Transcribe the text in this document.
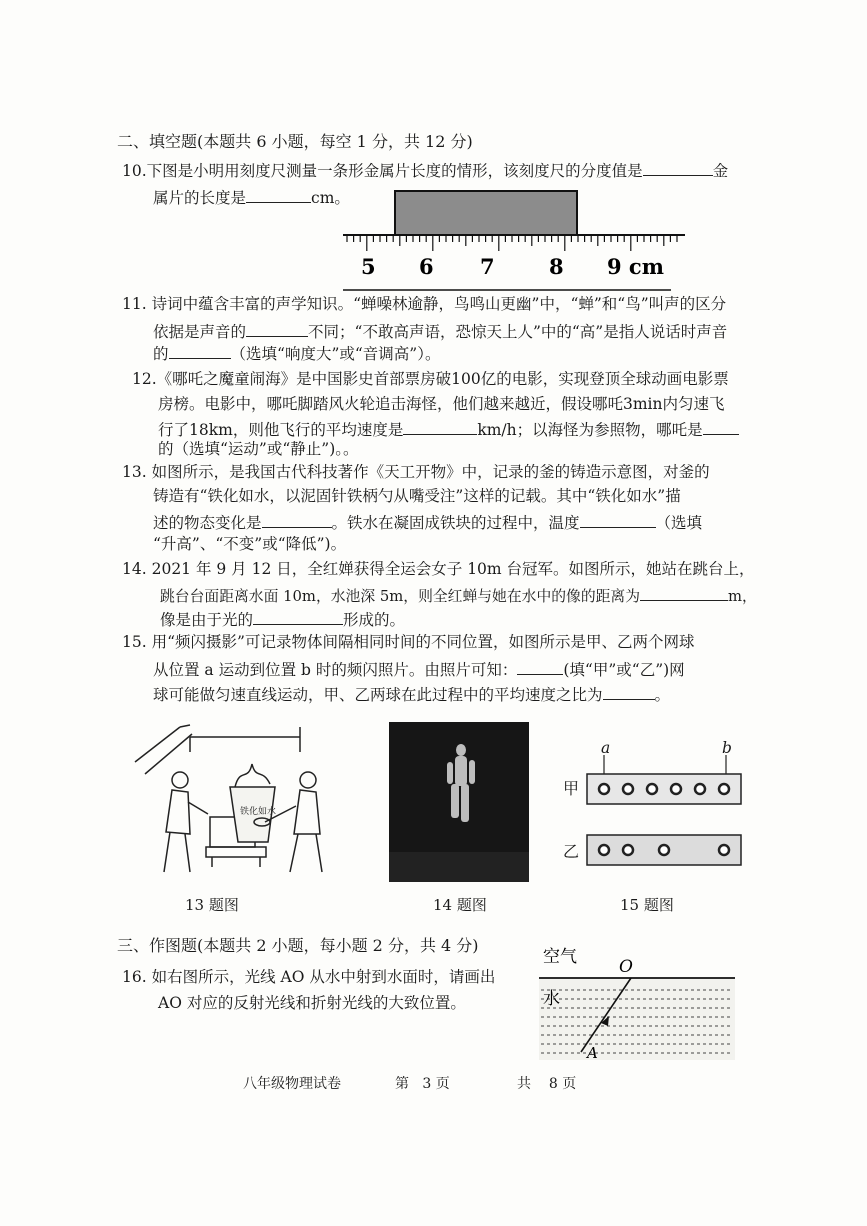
二、填空题(本题共 6 小题，每空 1 分，共 12 分)
10.下图是小明用刻度尺测量一条形金属片长度的情形，该刻度尺的分度值是	金
属片的长度是	cm。
5 6 7	8 9 cm
11. 诗词中蕴含丰富的声学知识。“蝉噪林逾静，鸟鸣山更幽”中，“蝉”和“鸟”叫声的区分
依据是声音的	不同；“不敢高声语，恐惊天上人”中的“高”是指人说话时声音
的	（选填“响度大”或“音调高”）。
12.《哪吒之魔童闹海》是中国影史首部票房破100亿的电影，实现登顶全球动画电影票
房榜。电影中，哪吒脚踏风火轮追击海怪，他们越来越近，假设哪吒3min内匀速飞
行了18km，则他飞行的平均速度是	km/h；以海怪为参照物，哪吒是
的（选填“运动”或“静止”)。。
13. 如图所示，是我国古代科技著作《天工开物》中，记录的釜的铸造示意图，对釜的
铸造有“铁化如水，以泥固针铁柄勺从嘴受注”这样的记载。其中“铁化如水”描
述的物态变化是	。铁水在凝固成铁块的过程中，温度	（选填
“升高”、“不变”或“降低”)。
14. 2021 年 9 月 12 日，全红婵获得全运会女子 10m 台冠军。如图所示，她站在跳台上，
跳台台面距离水面 10m，水池深 5m，则全红蝉与她在水中的像的距离为	m，
像是由于光的	形成的。
15. 用“频闪摄影”可记录物体间隔相同时间的不同位置，如图所示是甲、乙两个网球
从位置 a 运动到位置 b 时的频闪照片。由照片可知：	(填“甲”或“乙”)网
球可能做匀速直线运动，甲、乙两球在此过程中的平均速度之比为	。
铁化如水
13 题图	14 题图
a	b
甲
乙
15 题图
三、作图题(本题共 2 小题，每小题 2 分，共 4 分)
16. 如右图所示，光线 AO 从水中射到水面时，请画出
AO 对应的反射光线和折射光线的大致位置。
空气
水
O
A
八年级物理试卷	第 3 页	共 8 页
